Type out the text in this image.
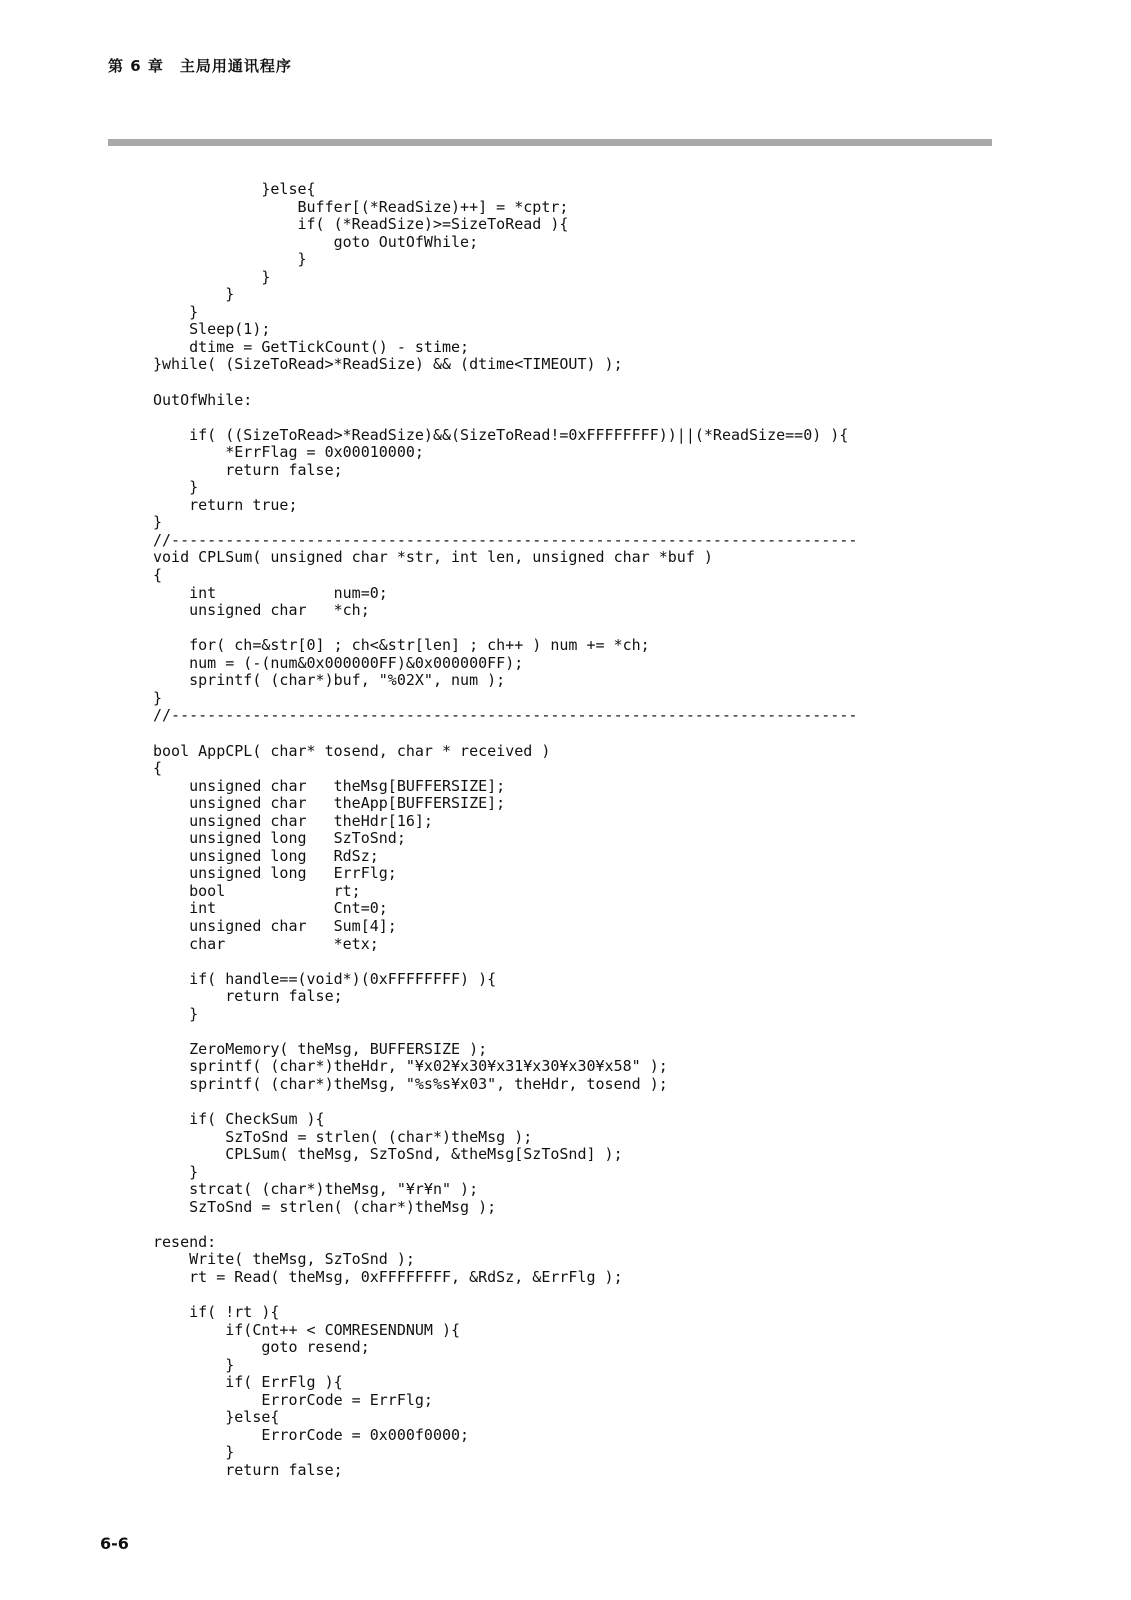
第 6 章　主局用通讯程序
}else{
Buffer[(*ReadSize)++] = *cptr;
if( (*ReadSize)>=SizeToRead ){
goto OutOfWhile;
}
}
}
}
Sleep(1);
dtime = GetTickCount() - stime;
}while( (SizeToRead>*ReadSize) && (dtime<TIMEOUT) );
OutOfWhile:
if( ((SizeToRead>*ReadSize)&&(SizeToRead!=0xFFFFFFFF))||(*ReadSize==0) ){
*ErrFlag = 0x00010000;
return false;
}
return true;
}
//----------------------------------------------------------------------------
void CPLSum( unsigned char *str, int len, unsigned char *buf )
{
int             num=0;
unsigned char   *ch;
for( ch=&str[0] ; ch<&str[len] ; ch++ ) num += *ch;
num = (-(num&0x000000FF)&0x000000FF);
sprintf( (char*)buf, "%02X", num );
}
//----------------------------------------------------------------------------
bool AppCPL( char* tosend, char * received )
{
unsigned char   theMsg[BUFFERSIZE];
unsigned char   theApp[BUFFERSIZE];
unsigned char   theHdr[16];
unsigned long   SzToSnd;
unsigned long   RdSz;
unsigned long   ErrFlg;
bool            rt;
int             Cnt=0;
unsigned char   Sum[4];
char            *etx;
if( handle==(void*)(0xFFFFFFFF) ){
return false;
}
ZeroMemory( theMsg, BUFFERSIZE );
sprintf( (char*)theHdr, "¥x02¥x30¥x31¥x30¥x30¥x58" );
sprintf( (char*)theMsg, "%s%s¥x03", theHdr, tosend );
if( CheckSum ){
SzToSnd = strlen( (char*)theMsg );
CPLSum( theMsg, SzToSnd, &theMsg[SzToSnd] );
}
strcat( (char*)theMsg, "¥r¥n" );
SzToSnd = strlen( (char*)theMsg );
resend:
Write( theMsg, SzToSnd );
rt = Read( theMsg, 0xFFFFFFFF, &RdSz, &ErrFlg );
if( !rt ){
if(Cnt++ < COMRESENDNUM ){
goto resend;
}
if( ErrFlg ){
ErrorCode = ErrFlg;
}else{
ErrorCode = 0x000f0000;
}
return false;
6-6
